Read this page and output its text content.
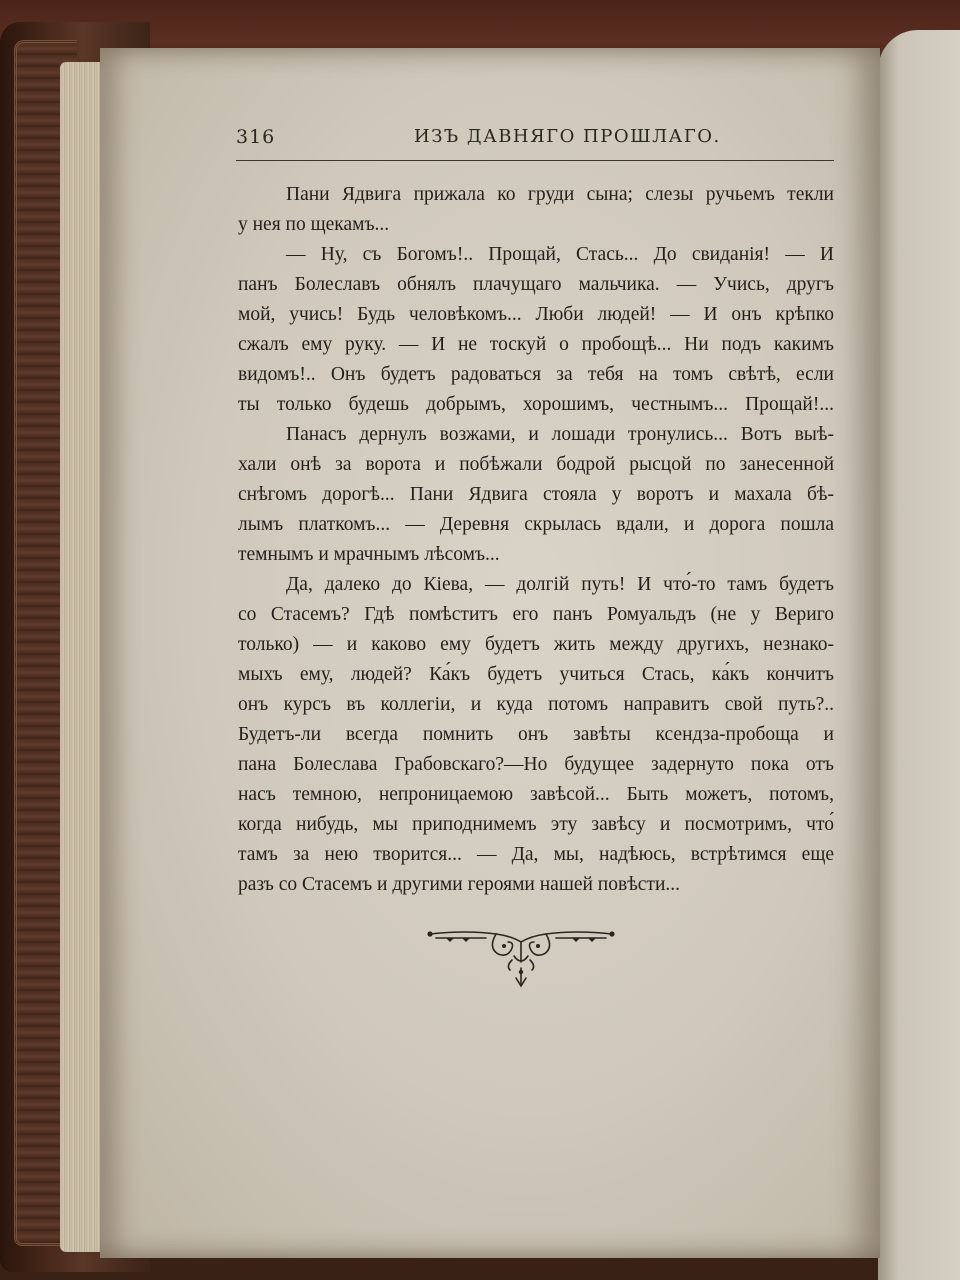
316	ИЗЪ ДАВНЯГО ПРОШЛАГО.
Пани Ядвига прижала ко груди сына; слезы ручьемъ текли
у нея по щекамъ...
— Ну, съ Богомъ!.. Прощай, Стась... До свиданія! — И
панъ Болеславъ обнялъ плачущаго мальчика. — Учись, другъ
мой, учись! Будь человѣкомъ... Люби людей! — И онъ крѣпко
сжалъ ему руку. — И не тоскуй о пробощѣ... Ни подъ какимъ
видомъ!.. Онъ будетъ радоваться за тебя на томъ свѣтѣ, если
ты только будешь добрымъ, хорошимъ, честнымъ... Прощай!...
Панасъ дернулъ возжами, и лошади тронулись... Вотъ выѣ-
хали онѣ за ворота и побѣжали бодрой рысцой по занесенной
снѣгомъ дорогѣ... Пани Ядвига стояла у воротъ и махала бѣ-
лымъ платкомъ... — Деревня скрылась вдали, и дорога пошла
темнымъ и мрачнымъ лѣсомъ...
Да, далеко до Кіева, — долгій путь! И что́-то тамъ будетъ
со Стасемъ? Гдѣ помѣститъ его панъ Ромуальдъ (не у Вериго
только) — и каково ему будетъ жить между другихъ, незнако-
мыхъ ему, людей? Ка́къ будетъ учиться Стась, ка́къ кончитъ
онъ курсъ въ коллегіи, и куда потомъ направитъ свой путь?..
Будетъ-ли всегда помнить онъ завѣты ксендза-пробоща и
пана Болеслава Грабовскаго?—Но будущее задернуто пока отъ
насъ темною, непроницаемою завѣсой... Быть можетъ, потомъ,
когда нибудь, мы приподнимемъ эту завѣсу и посмотримъ, что́
тамъ за нею творится... — Да, мы, надѣюсь, встрѣтимся еще
разъ со Стасемъ и другими героями нашей повѣсти...
